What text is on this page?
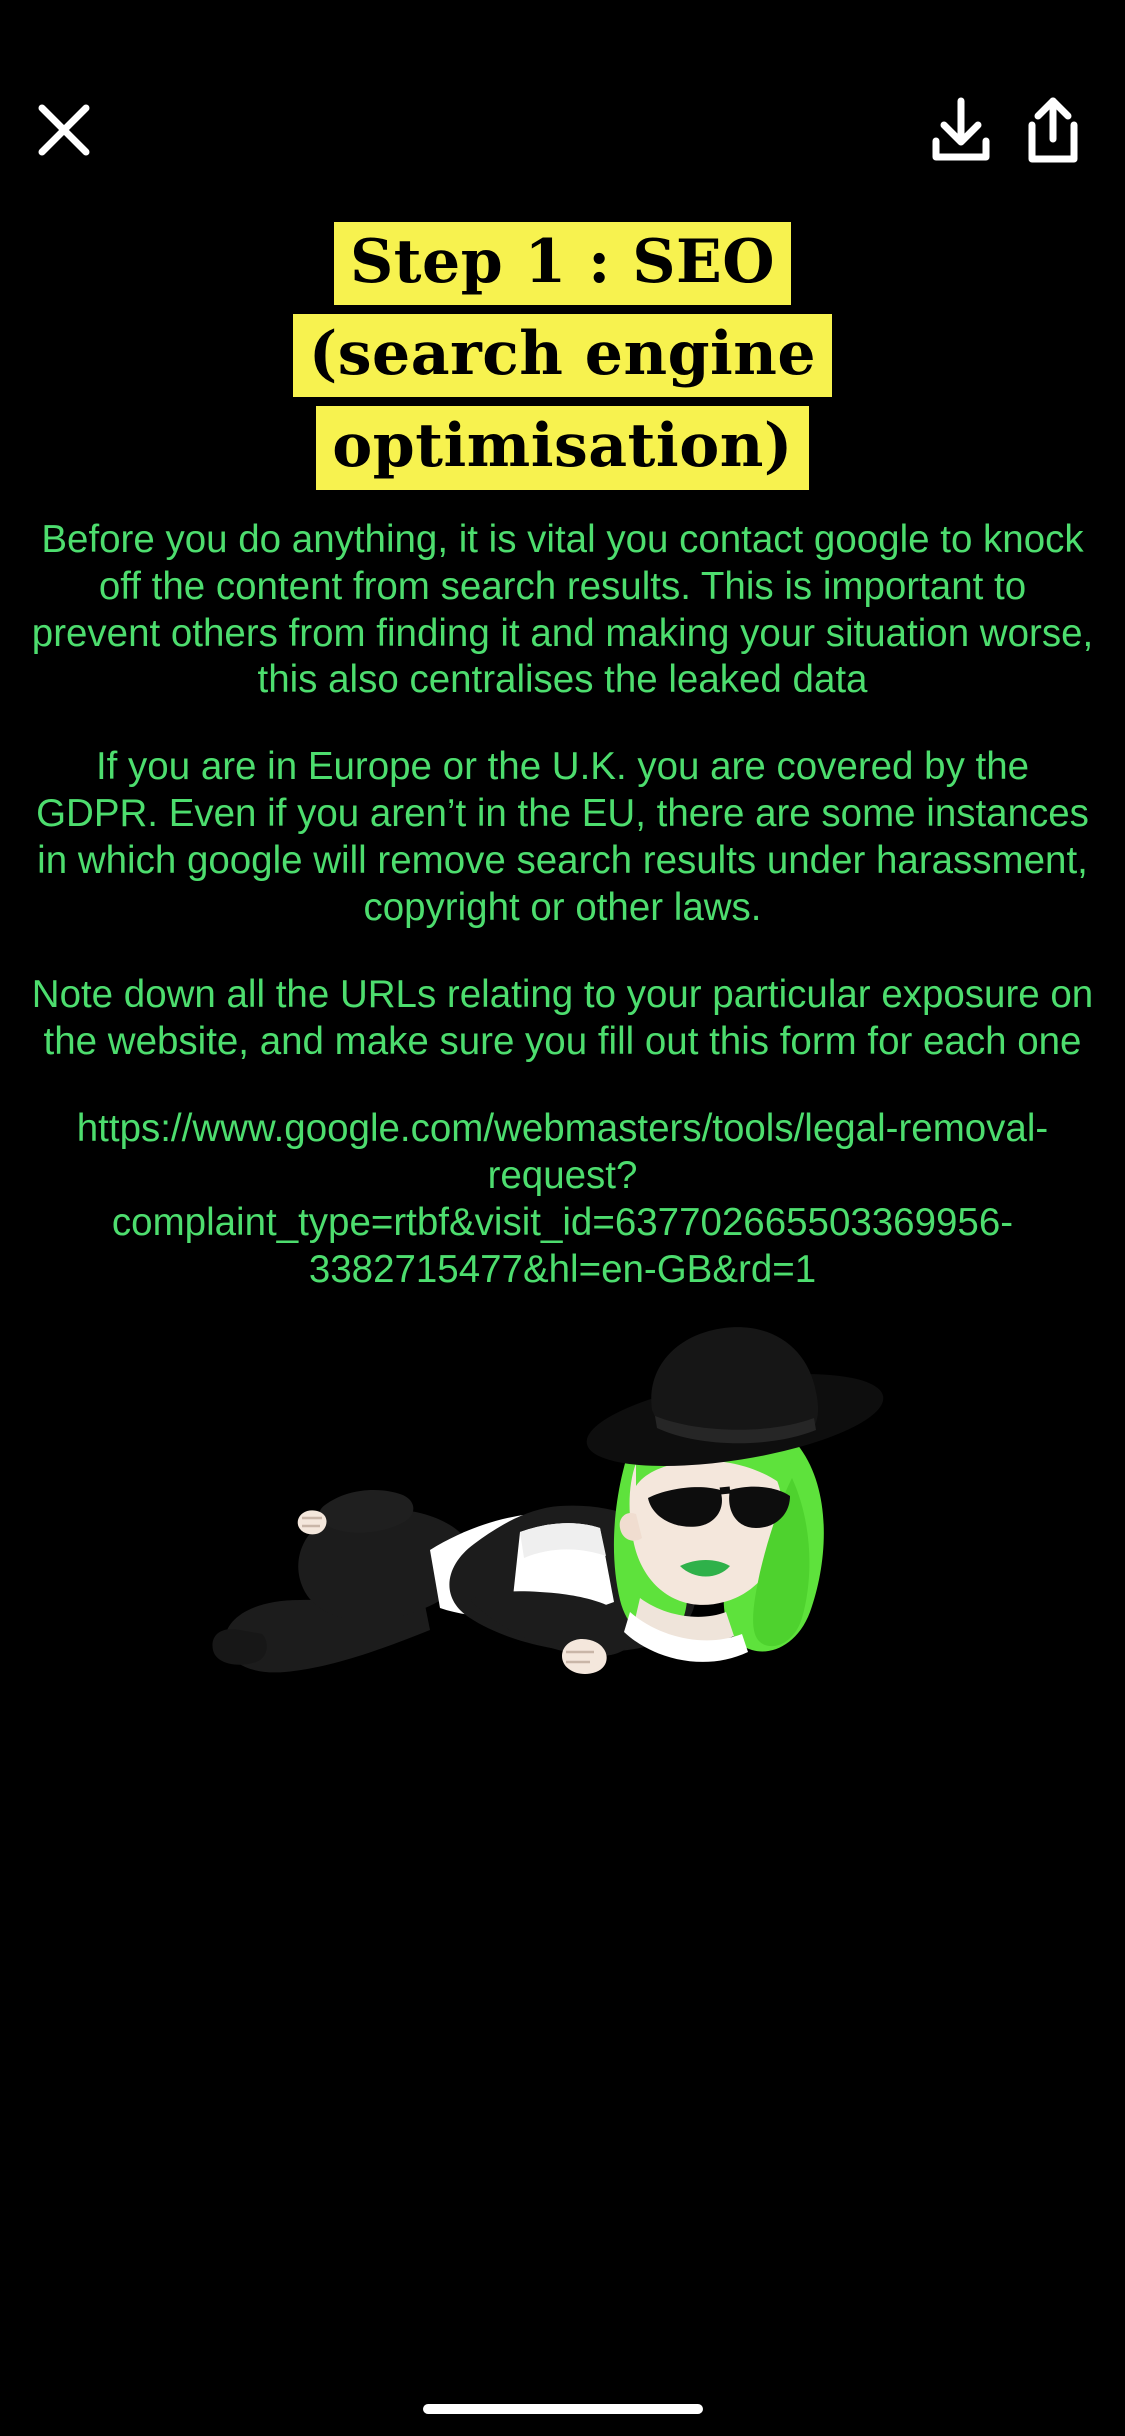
Step 1 : SEO
(search engine
optimisation)

Before you do anything, it is vital you contact google to knock off the content from search results. This is important to prevent others from finding it and making your situation worse, this also centralises the leaked data

If you are in Europe or the U.K. you are covered by the GDPR. Even if you aren’t in the EU, there are some instances in which google will remove search results under harassment, copyright or other laws.

Note down all the URLs relating to your particular exposure on the website, and make sure you fill out this form for each one

https://www.google.com/webmasters/tools/legal-removal-request?complaint_type=rtbf&visit_id=637702665503369956-3382715477&hl=en-GB&rd=1
